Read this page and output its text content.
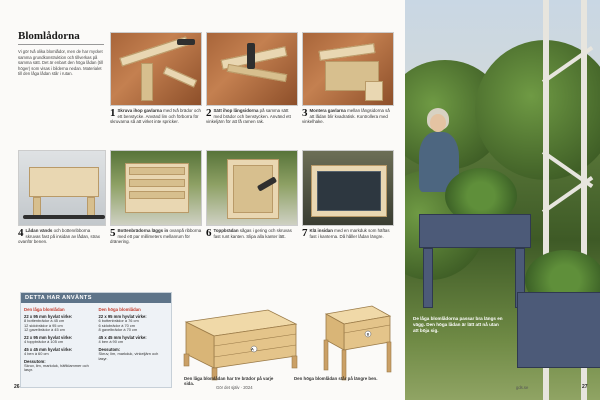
Blomlådorna
Vi gör två olika blomlådor, men de har mycket samma grundkonstruktion och tillverkas på samma sätt. Det är enbart den höga lådan (till höger) som visas i bilderna nedan. Materialet till den låga lådan står i rutan.
1 Skruva ihop gavlarna med två brädor och ett benstycke. Använd lim och förborra för skruvarna så att virket inte spricker.
2 Sätt ihop långsidorna på samma sätt med brädor och benstycken. Använd ett vinkeljärn för att få ramen rak.
3 Montera gavlarna mellan långsidorna så att lådan blir kvadratisk. Kontrollera med vinkelhake.
4 Lådan vänds och bottenribborna skruvas fast på insidan av lådan, strax ovanför benen.
5 Bottenbrädorna läggs in ovanpå ribborna med ett par millimeters mellanrum för dränering.
6 Toppbrädan sågas i gering och skruvas fast runt kanten. Slipa alla kanter lätt.	7 Klä insidan med en markduk som häftas fast i kanterna. Då håller lådan längre.
DETTA HAR ANVÄNTS
Den låga blomlådan
22 x 95 mm hyvlat virke:
8 bottenbrädor à 45 cm
12 sidobrädor à 95 cm
12 gavelbrädor à 45 cm
22 x 95 mm hyvlat virke:
4 toppbrädor à 105 cm
45 x 45 mm hyvlat virke:
4 ben à 60 cm
Dessutom:
Skruv, lim, markduk, häftklammer och lasyr.
Den höga blomlådan
22 x 95 mm hyvlat virke:
6 bottenbrädor à 76 cm
6 sidobrädor à 70 cm
8 gavelbrädor à 70 cm
45 x 45 mm hyvlat virke:
4 ben à 90 cm
Dessutom:
Skruv, lim, markduk, vinkeljärn och lasyr.
A
B
Den låga blomlådan har tre brädor på varje sida.
Den höga blomlådan står på längre ben.
De låga blomlådorna passar bra längs en vägg. Den höga lådan är lätt att nå utan att böja sig.
26	Gör det själv · 2024	gds.se	27
